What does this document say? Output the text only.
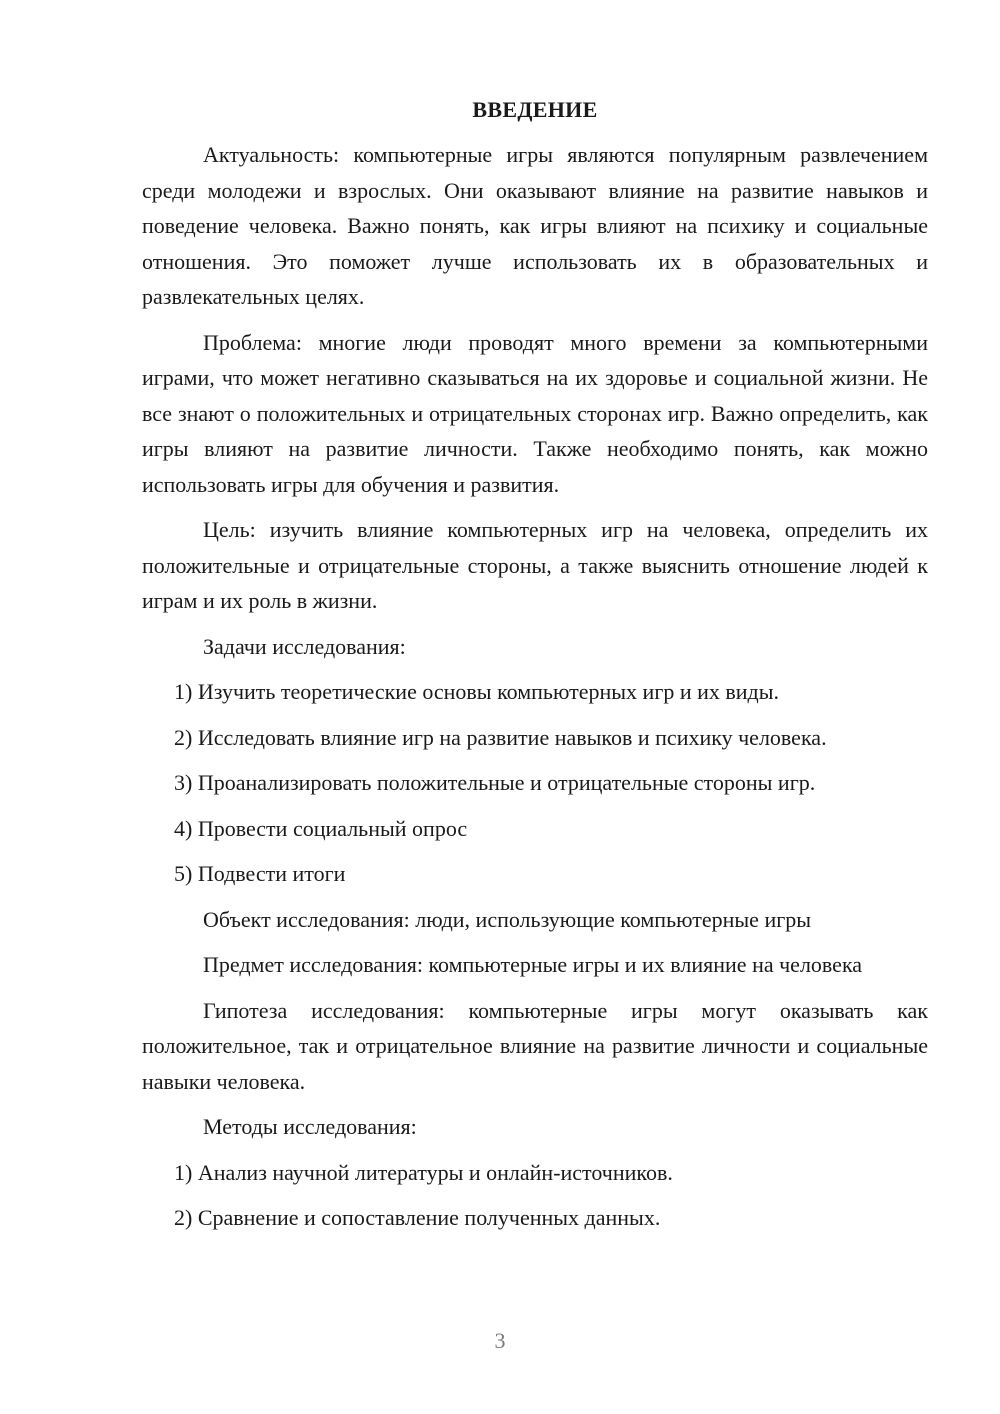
ВВЕДЕНИЕ

Актуальность: компьютерные игры являются популярным развлечением среди молодежи и взрослых. Они оказывают влияние на развитие навыков и поведение человека. Важно понять, как игры влияют на психику и социальные отношения. Это поможет лучше использовать их в образовательных и развлекательных целях.

Проблема: многие люди проводят много времени за компьютерными играми, что может негативно сказываться на их здоровье и социальной жизни. Не все знают о положительных и отрицательных сторонах игр. Важно определить, как игры влияют на развитие личности. Также необходимо понять, как можно использовать игры для обучения и развития.

Цель: изучить влияние компьютерных игр на человека, определить их положительные и отрицательные стороны, а также выяснить отношение людей к играм и их роль в жизни.

Задачи исследования:

1) Изучить теоретические основы компьютерных игр и их виды.

2) Исследовать влияние игр на развитие навыков и психику человека.

3) Проанализировать положительные и отрицательные стороны игр.

4) Провести социальный опрос

5) Подвести итоги

Объект исследования: люди, использующие компьютерные игры

Предмет исследования: компьютерные игры и их влияние на человека

Гипотеза исследования: компьютерные игры могут оказывать как положительное, так и отрицательное влияние на развитие личности и социальные навыки человека.

Методы исследования:

1) Анализ научной литературы и онлайн-источников.

2) Сравнение и сопоставление полученных данных.

3
